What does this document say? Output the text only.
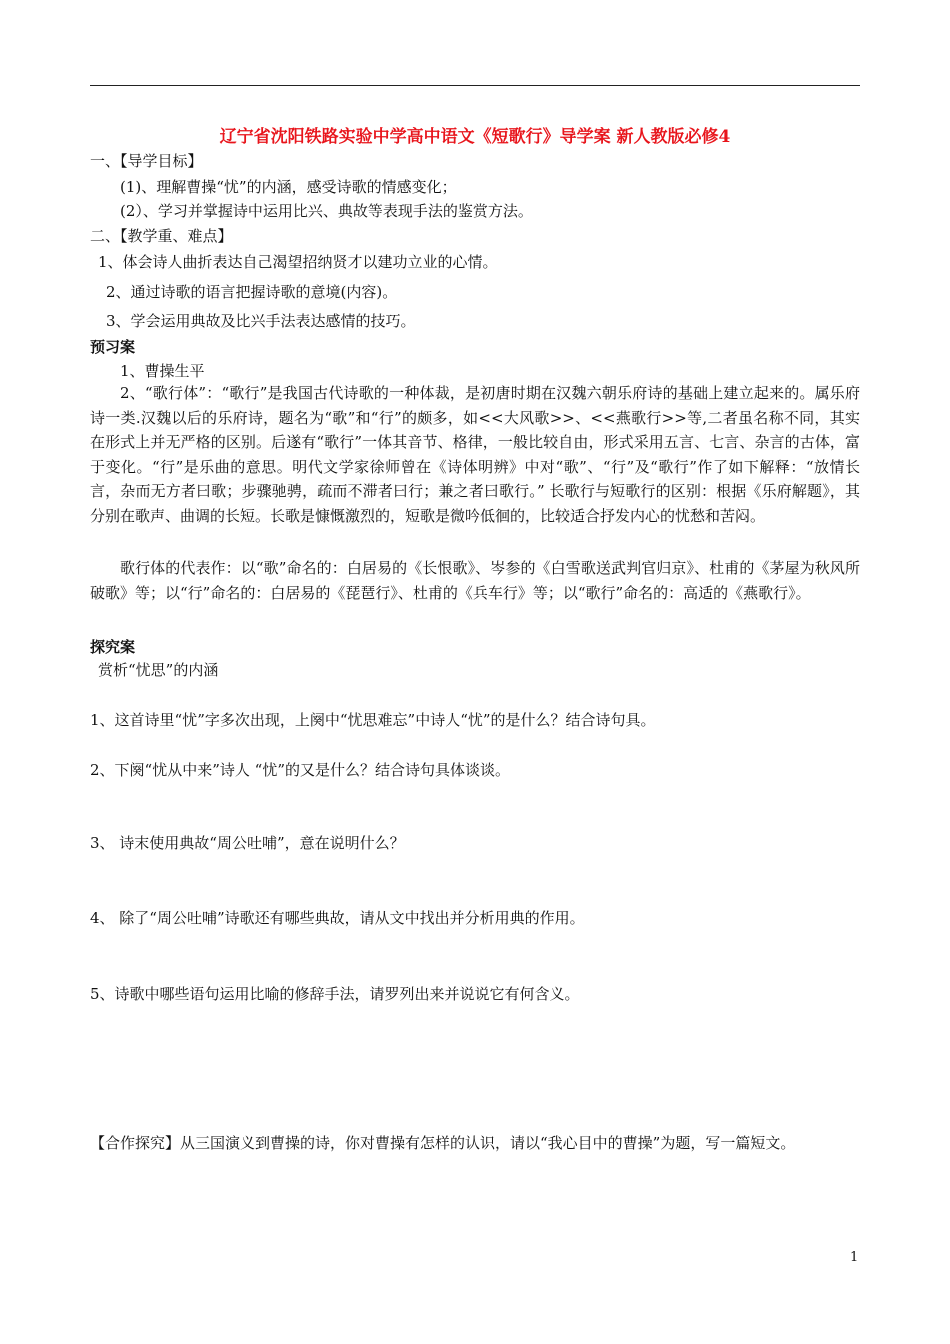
辽宁省沈阳铁路实验中学高中语文《短歌行》导学案 新人教版必修4
一、【导学目标】
(1)、理解曹操“忧”的内涵，感受诗歌的情感变化；
(2）、学习并掌握诗中运用比兴、典故等表现手法的鉴赏方法。
二、【教学重、难点】
1、体会诗人曲折表达自己渴望招纳贤才以建功立业的心情。
2、通过诗歌的语言把握诗歌的意境(内容)。
3、学会运用典故及比兴手法表达感情的技巧。
预习案
1、曹操生平
2、“歌行体”：“歌行”是我国古代诗歌的一种体裁，是初唐时期在汉魏六朝乐府诗的基础上建立起来的。属乐府诗一类.汉魏以后的乐府诗，题名为“歌”和“行”的颇多，如<<大风歌>>、<<燕歌行>>等,二者虽名称不同，其实在形式上并无严格的区别。后遂有“歌行”一体其音节、格律，一般比较自由，形式采用五言、七言、杂言的古体，富于变化。“行”是乐曲的意思。明代文学家徐师曾在《诗体明辨》中对“歌”、“行”及“歌行”作了如下解释：“放情长言，杂而无方者曰歌；步骤驰骋，疏而不滞者曰行；兼之者曰歌行。” 长歌行与短歌行的区别：根据《乐府解题》，其分别在歌声、曲调的长短。长歌是慷慨激烈的，短歌是微吟低徊的，比较适合抒发内心的忧愁和苦闷。
歌行体的代表作：以“歌”命名的：白居易的《长恨歌》、岑参的《白雪歌送武判官归京》、杜甫的《茅屋为秋风所破歌》等；以“行”命名的：白居易的《琵琶行》、杜甫的《兵车行》等；以“歌行”命名的：高适的《燕歌行》。
探究案
赏析“忧思”的内涵
1、这首诗里“忧”字多次出现，上阕中“忧思难忘”中诗人“忧”的是什么？结合诗句具。
2、下阕“忧从中来”诗人 “忧”的又是什么？结合诗句具体谈谈。
3、 诗末使用典故“周公吐哺”，意在说明什么？
4、 除了“周公吐哺”诗歌还有哪些典故，请从文中找出并分析用典的作用。
5、诗歌中哪些语句运用比喻的修辞手法，请罗列出来并说说它有何含义。
【合作探究】从三国演义到曹操的诗，你对曹操有怎样的认识，请以“我心目中的曹操”为题，写一篇短文。
1
